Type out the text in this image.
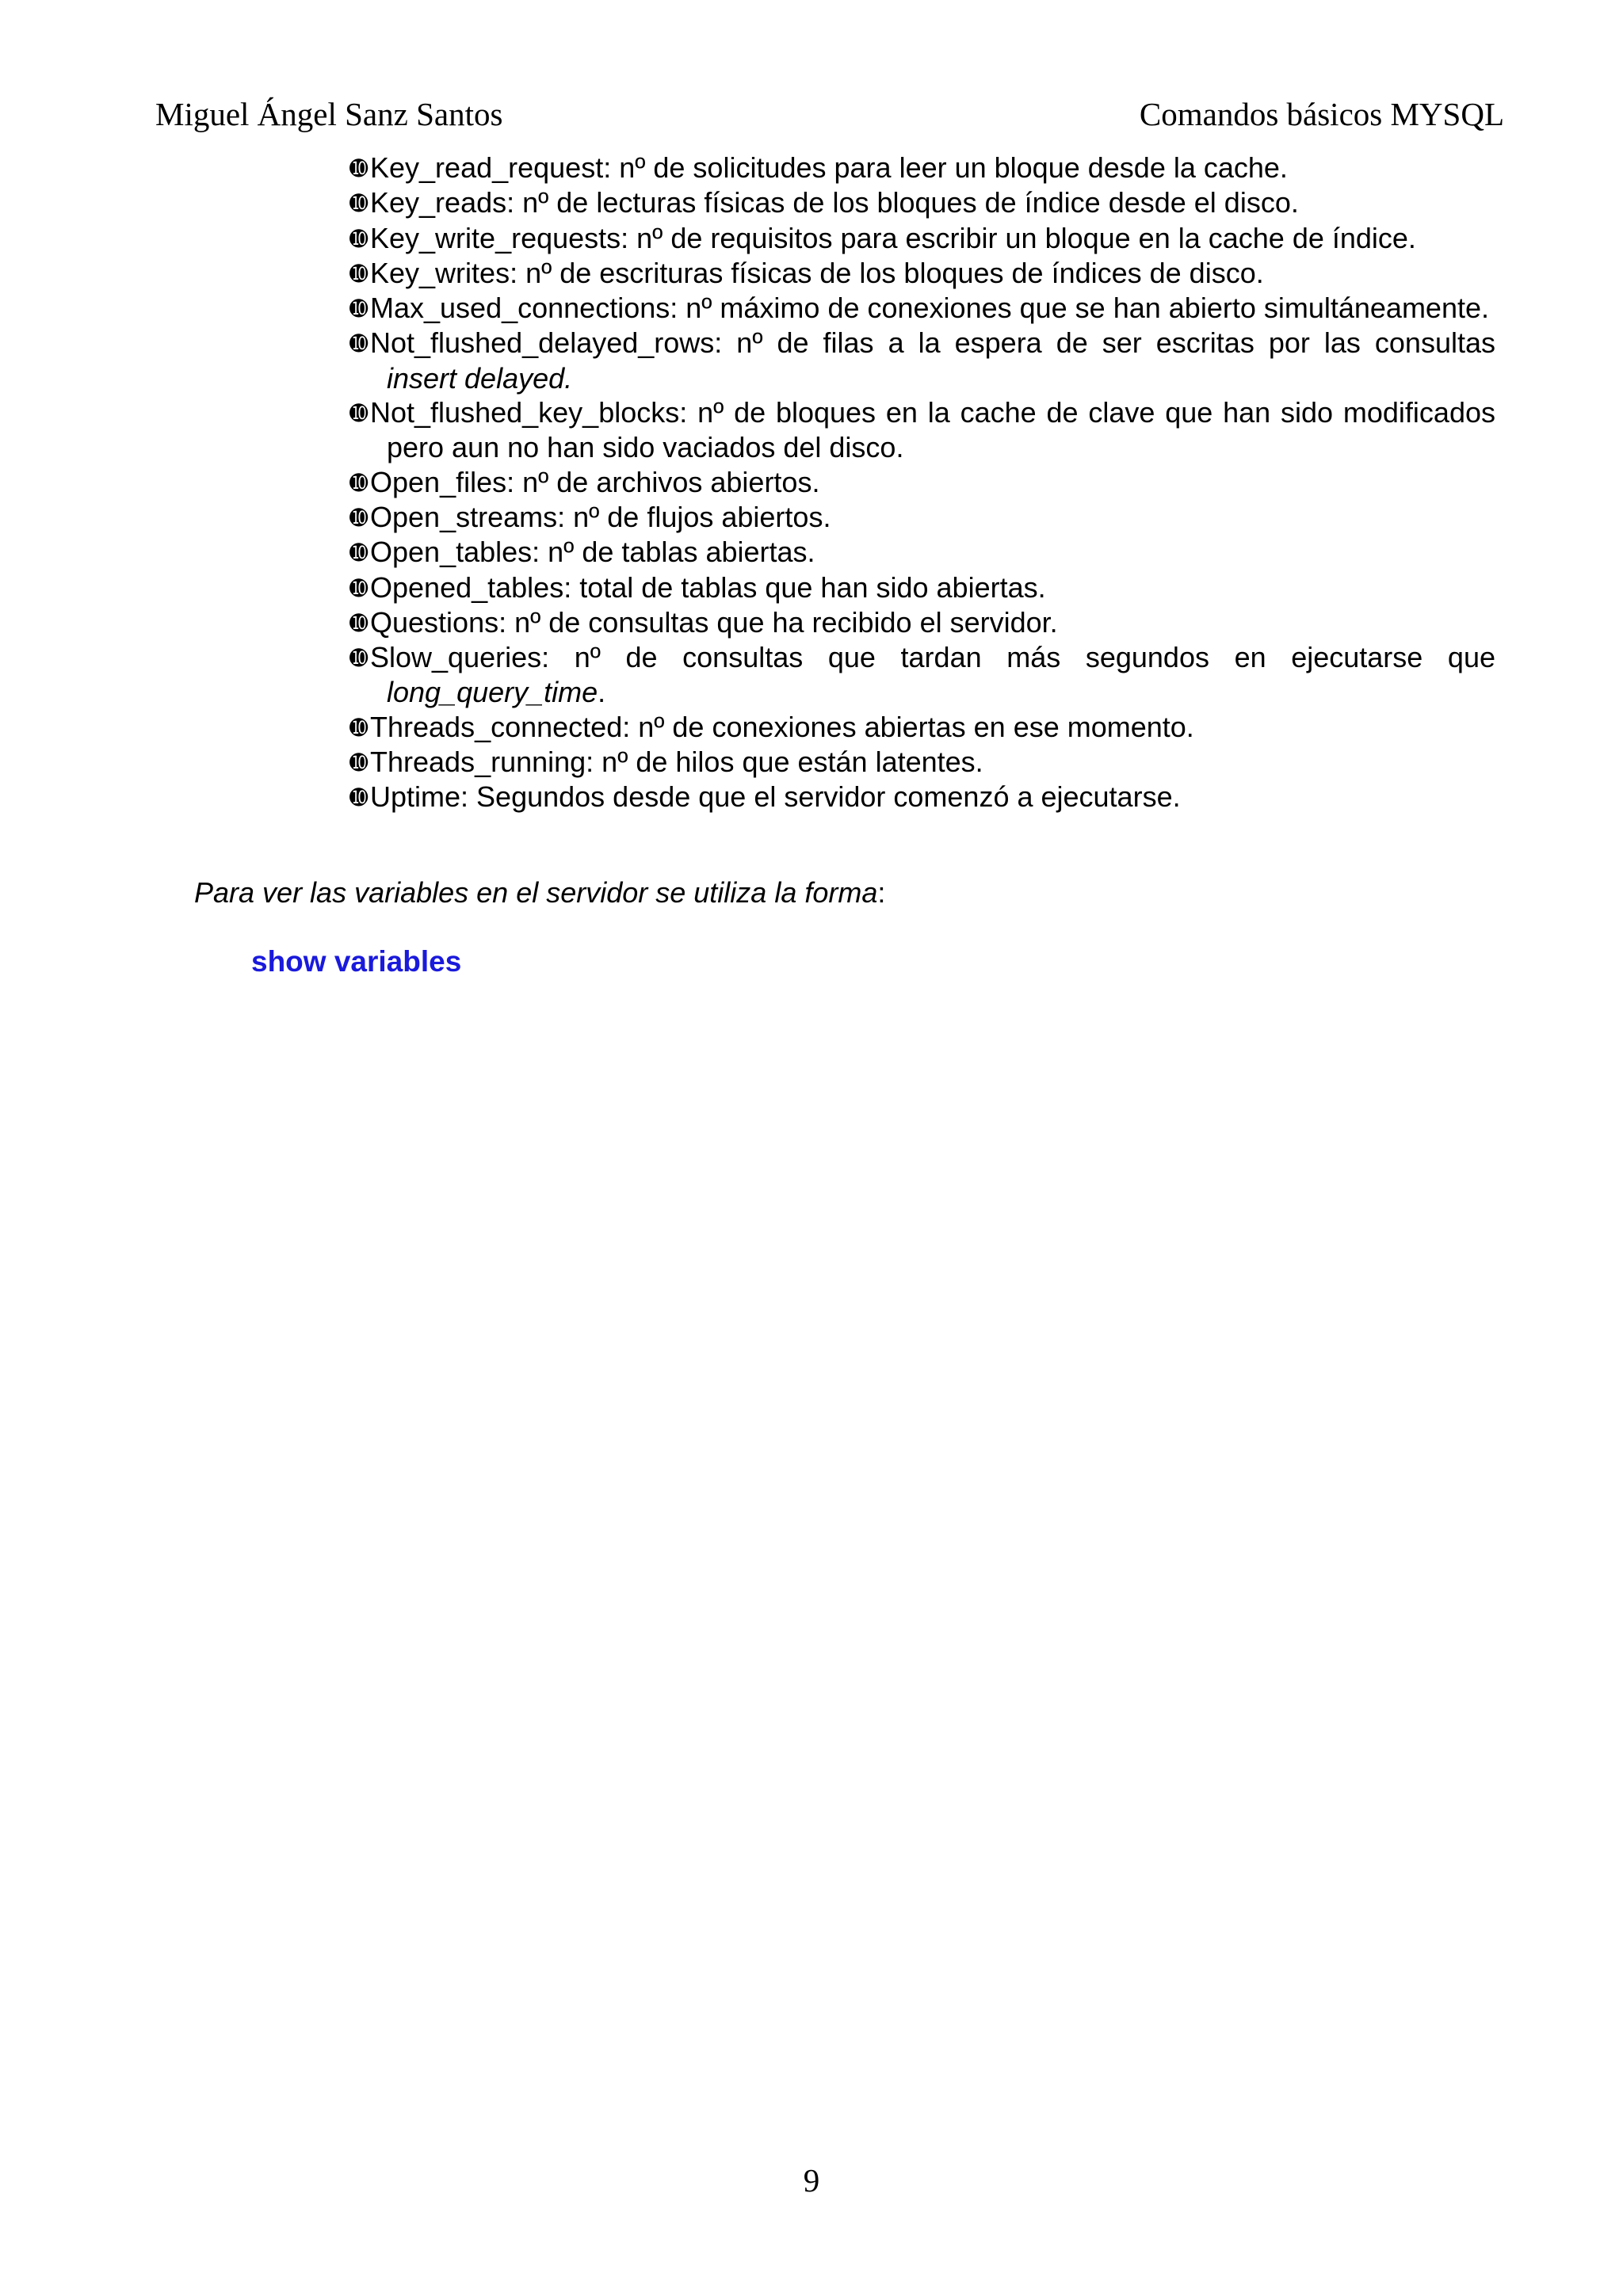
Miguel Ángel Sanz Santos	Comandos básicos MYSQL
➓Key_read_request: nº de solicitudes para leer un bloque desde la cache.
➓Key_reads: nº de lecturas físicas de los bloques de índice desde el disco.
➓Key_write_requests: nº de requisitos para escribir un bloque en la cache de índice.
➓Key_writes: nº de escrituras físicas de los bloques de índices de disco.
➓Max_used_connections: nº máximo de conexiones que se han abierto simultáneamente.
➓Not_flushed_delayed_rows: nº de filas a la espera de ser escritas por las consultas insert delayed.
➓Not_flushed_key_blocks: nº de bloques en la cache de clave que han sido modificados pero aun no han sido vaciados del disco.
➓Open_files: nº de archivos abiertos.
➓Open_streams: nº de flujos abiertos.
➓Open_tables: nº de tablas abiertas.
➓Opened_tables: total de tablas que han sido abiertas.
➓Questions: nº de consultas que ha recibido el servidor.
➓Slow_queries: nº de consultas que tardan más segundos en ejecutarse que long_query_time.
➓Threads_connected: nº de conexiones abiertas en ese momento.
➓Threads_running: nº de hilos que están latentes.
➓Uptime: Segundos desde que el servidor comenzó a ejecutarse.
Para ver las variables en el servidor se utiliza la forma:
show variables
9
